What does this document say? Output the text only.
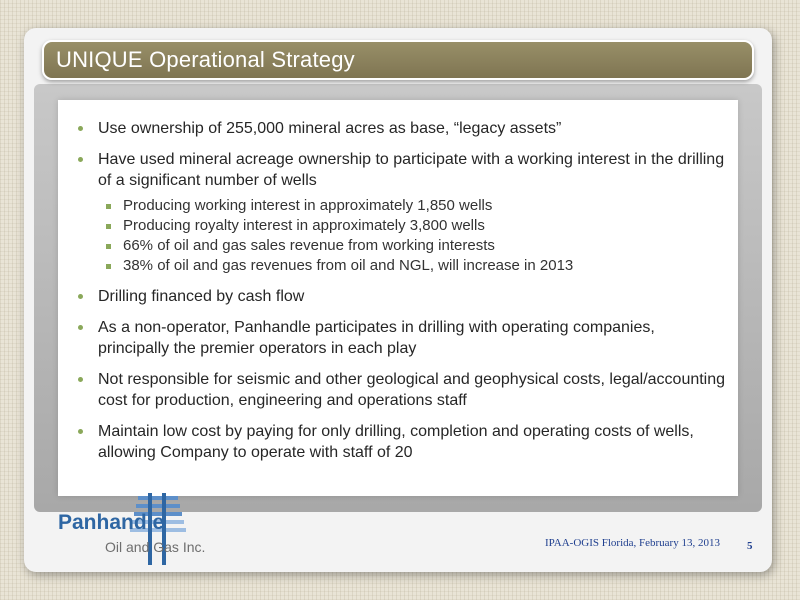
UNIQUE Operational Strategy
Use ownership of 255,000 mineral acres as base, “legacy assets”
Have used mineral acreage ownership to participate with a working interest in the drilling of a significant number of wells
Producing working interest in approximately 1,850 wells
Producing royalty interest in approximately 3,800 wells
66% of oil and gas sales revenue from working interests
38% of oil and gas revenues from oil and NGL, will increase in 2013
Drilling financed by cash flow
As a non-operator, Panhandle participates in drilling with operating companies, principally the premier operators in each play
Not responsible for seismic and other geological and geophysical costs, legal/accounting cost for production, engineering and operations staff
Maintain low cost by paying for only drilling, completion and operating costs of wells, allowing Company to operate with staff of 20
Panhandle
Oil and Gas Inc.	IPAA-OGIS Florida, February 13, 2013 5
